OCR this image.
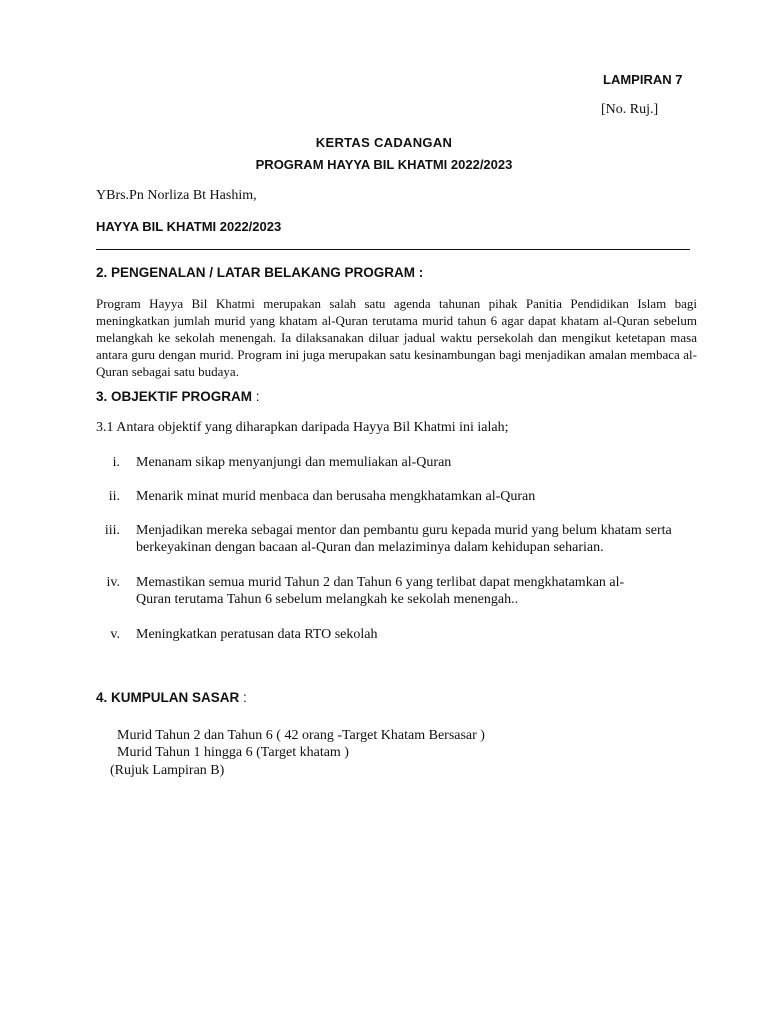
LAMPIRAN 7
[No. Ruj.]
KERTAS CADANGAN
PROGRAM HAYYA BIL KHATMI 2022/2023
YBrs.Pn Norliza Bt Hashim,
HAYYA BIL KHATMI 2022/2023
2. PENGENALAN / LATAR BELAKANG PROGRAM :
Program Hayya Bil Khatmi merupakan salah satu agenda tahunan pihak Panitia Pendidikan Islam bagi meningkatkan jumlah murid yang khatam al-Quran terutama murid tahun 6 agar dapat khatam al-Quran sebelum melangkah ke sekolah menengah. Ia dilaksanakan diluar jadual waktu persekolah dan mengikut ketetapan masa antara guru dengan murid. Program ini juga merupakan satu kesinambungan bagi menjadikan amalan membaca al-Quran sebagai satu budaya.
3. OBJEKTIF PROGRAM :
3.1 Antara objektif yang diharapkan daripada Hayya Bil Khatmi ini ialah;
i. Menanam sikap menyanjungi dan memuliakan al-Quran
ii. Menarik minat murid menbaca dan berusaha mengkhatamkan al-Quran
iii. Menjadikan mereka sebagai mentor dan pembantu guru kepada murid yang belum khatam serta berkeyakinan dengan bacaan al-Quran dan melaziminya dalam kehidupan seharian.
iv. Memastikan semua murid Tahun 2 dan Tahun 6 yang terlibat dapat mengkhatamkan al-Quran terutama Tahun 6 sebelum melangkah ke sekolah menengah..
v. Meningkatkan peratusan data RTO sekolah
4. KUMPULAN SASAR :
Murid Tahun 2 dan Tahun 6 ( 42 orang -Target Khatam Bersasar )
Murid Tahun 1 hingga 6 (Target khatam )
(Rujuk Lampiran B)
